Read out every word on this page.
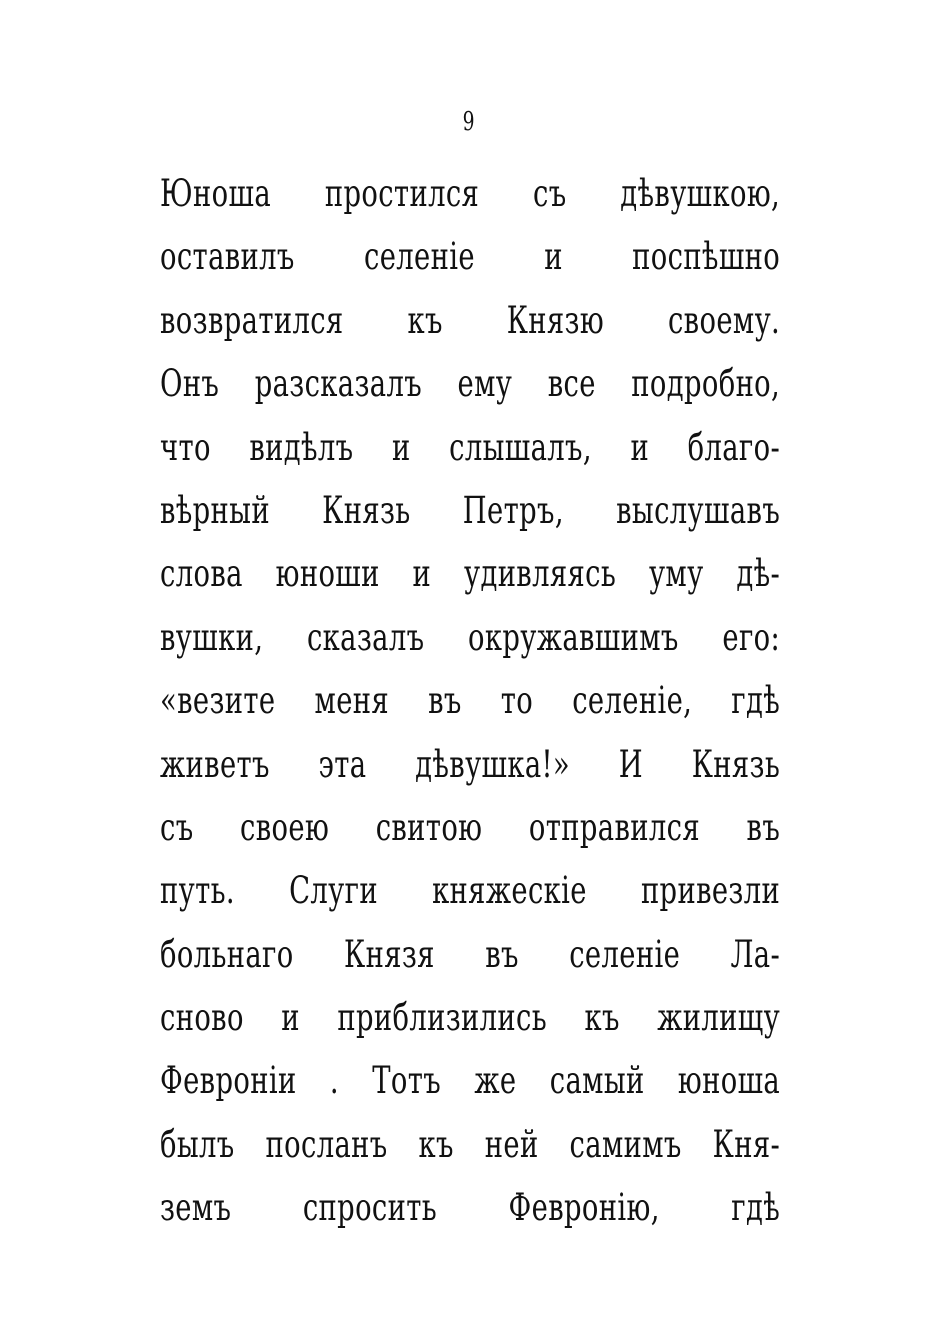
9
Юноша простился съ дѣвушкою,
оставилъ селеніе и поспѣшно
возвратился къ Князю своему.
Онъ разсказалъ ему все подробно,
что видѣлъ и слышалъ, и благо-
вѣрный Князь Петръ, выслушавъ
слова юноши и удивляясь уму дѣ-
вушки, сказалъ окружавшимъ его:
«везите меня въ то селеніе, гдѣ
живетъ эта дѣвушка!» И Князь
съ своею свитою отправился въ
путь. Слуги княжескіе привезли
больнаго Князя въ селеніе Ла-
сново и приблизились къ жилищу
Февроніи . Тотъ же самый юноша
былъ посланъ къ ней самимъ Кня-
земъ спросить Февронію, гдѣ
